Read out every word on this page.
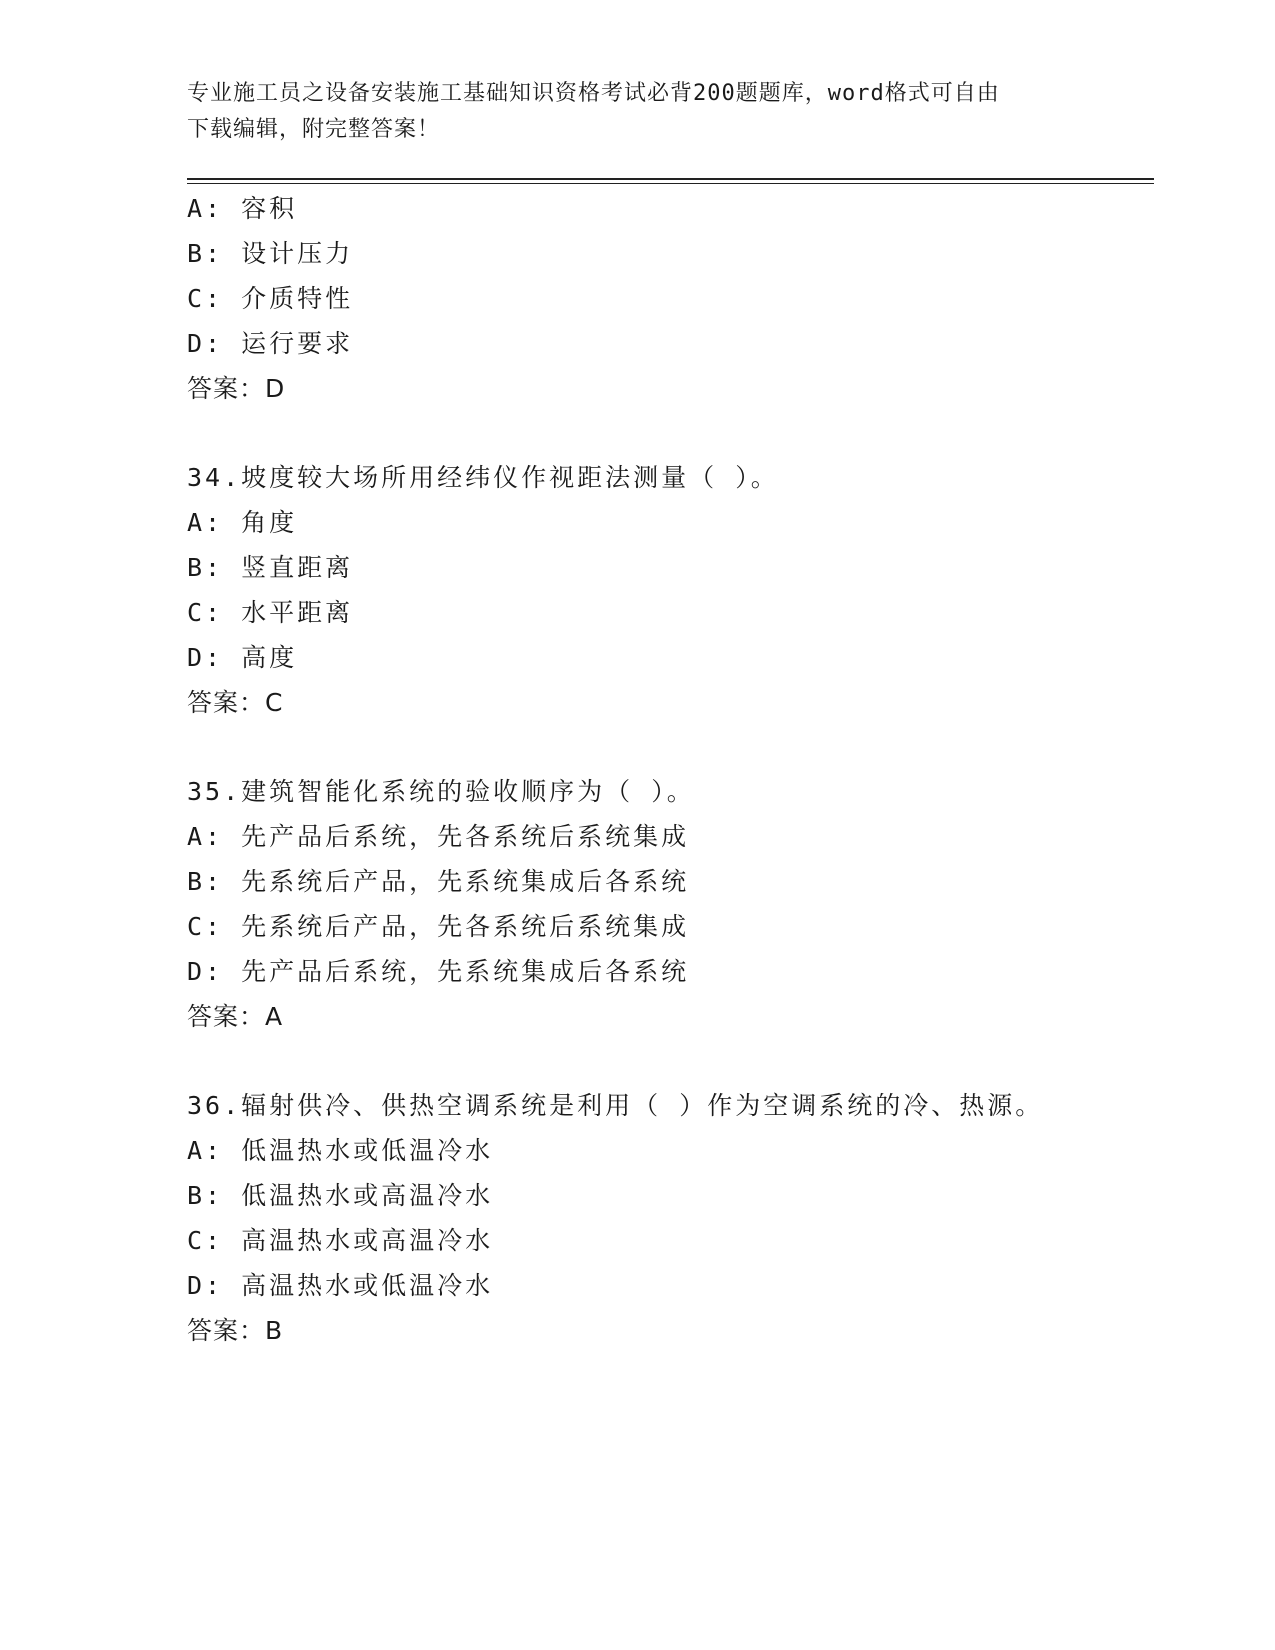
专业施工员之设备安装施工基础知识资格考试必背200题题库，word格式可自由
下载编辑，附完整答案！
A: 容积
B: 设计压力
C: 介质特性
D: 运行要求
答案：D
34.坡度较大场所用经纬仪作视距法测量（ ）。
A: 角度
B: 竖直距离
C: 水平距离
D: 高度
答案：C
35.建筑智能化系统的验收顺序为（ ）。
A: 先产品后系统，先各系统后系统集成
B: 先系统后产品，先系统集成后各系统
C: 先系统后产品，先各系统后系统集成
D: 先产品后系统，先系统集成后各系统
答案：A
36.辐射供冷、供热空调系统是利用（ ）作为空调系统的冷、热源。
A: 低温热水或低温冷水
B: 低温热水或高温冷水
C: 高温热水或高温冷水
D: 高温热水或低温冷水
答案：B
